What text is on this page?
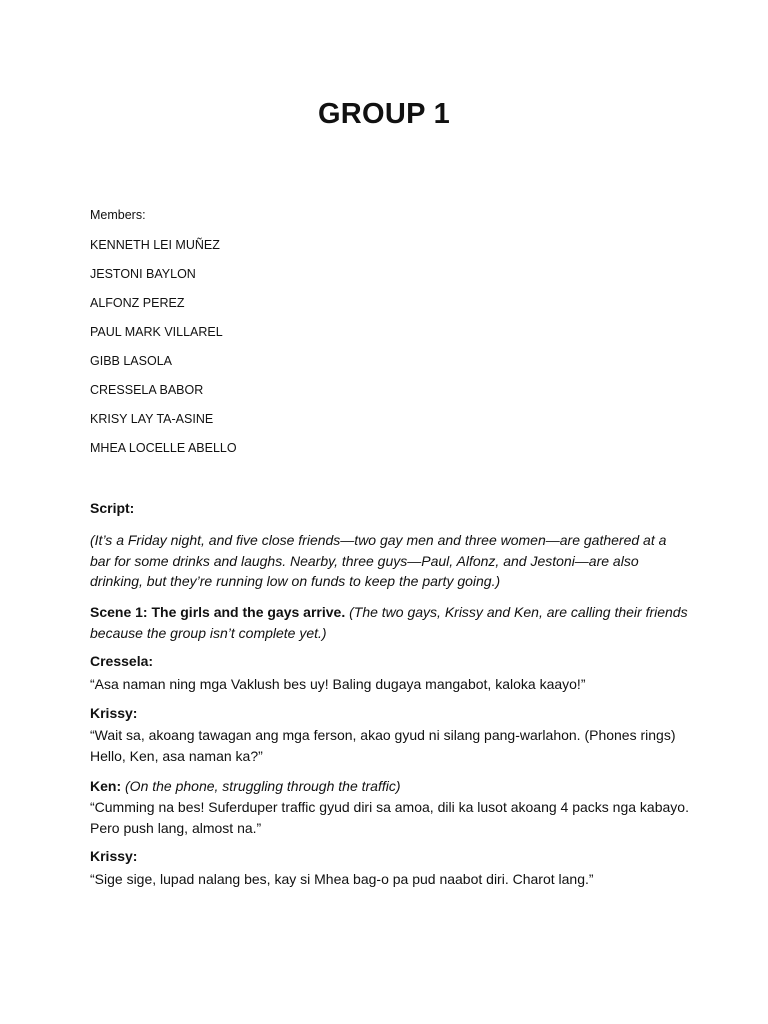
GROUP 1
Members:
KENNETH LEI MUÑEZ
JESTONI BAYLON
ALFONZ PEREZ
PAUL MARK VILLAREL
GIBB LASOLA
CRESSELA BABOR
KRISY LAY TA-ASINE
MHEA LOCELLE ABELLO
Script:
(It’s a Friday night, and five close friends—two gay men and three women—are gathered at a bar for some drinks and laughs. Nearby, three guys—Paul, Alfonz, and Jestoni—are also drinking, but they’re running low on funds to keep the party going.)
Scene 1: The girls and the gays arrive. (The two gays, Krissy and Ken, are calling their friends because the group isn’t complete yet.)
Cressela:
“Asa naman ning mga Vaklush bes uy! Baling dugaya mangabot, kaloka kaayo!”
Krissy:
“Wait sa, akoang tawagan ang mga ferson, akao gyud ni silang pang-warlahon. (Phones rings) Hello, Ken, asa naman ka?”
Ken: (On the phone, struggling through the traffic)
“Cumming na bes! Suferduper traffic gyud diri sa amoa, dili ka lusot akoang 4 packs nga kabayo. Pero push lang, almost na.”
Krissy:
“Sige sige, lupad nalang bes, kay si Mhea bag-o pa pud naabot diri. Charot lang.”
